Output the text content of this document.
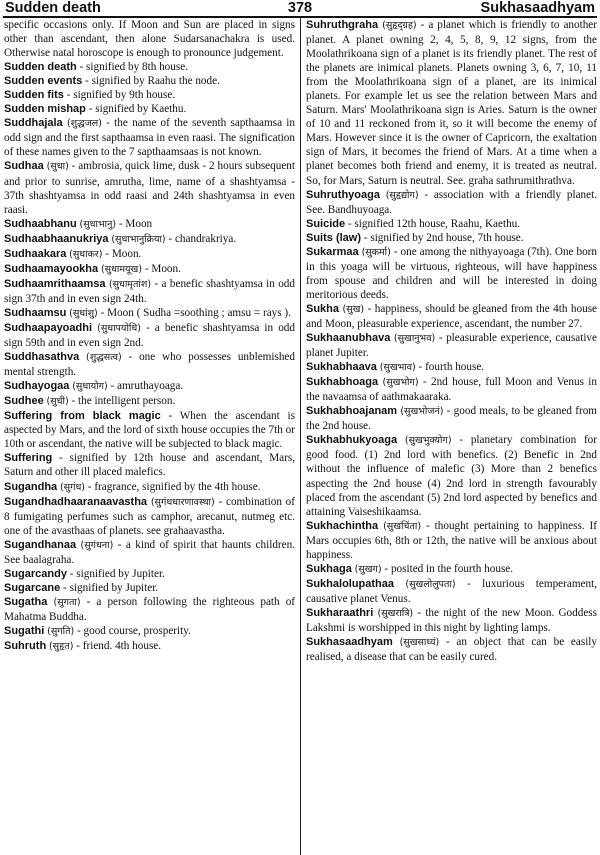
Sudden death	378	Sukhasaadhyam

specific occasions only. If Moon and Sun are placed in signs other than ascendant, then alone Sudarsanachakra is used. Otherwise natal horoscope is enough to pronounce judgement.

Sudden death - signified by 8th house.

Sudden events - signified by Raahu the node.

Sudden fits - signified by 9th house.

Sudden mishap - signified by Kaethu.

Suddhajala (शुद्धजल) - the name of the seventh sapthaamsa in odd sign and the first sapthaamsa in even raasi. The signification of these names given to the 7 sapthaamsaas is not known.

Sudhaa (सुधा) - ambrosia, quick lime, dusk - 2 hours subsequent and prior to sunrise, amrutha, lime, name of a shashtyamsa - 37th shashtyamsa in odd raasi and 24th shashtyamsa in even raasi.

Sudhaabhanu (सुधाभानु) - Moon

Sudhaabhaanukriya (सुधाभानुक्रिया) - chandrakriya.

Sudhaakara (सुधाकर) - Moon.

Sudhaamayookha (सुधामयूख) - Moon.

Sudhaamrithaamsa (सुधामृतांश) - a benefic shashtyamsa in odd sign 37th and in even sign 24th.

Sudhaamsu (सुधांशु) - Moon ( Sudha =soothing ; amsu = rays ).

Sudhaapayoadhi (सुधापयोधि) - a benefic shashtyamsa in odd sign 59th and in even sign 2nd.

Suddhasathva (शुद्धसत्व) - one who possesses unblemished mental strength.

Sudhayogaa (सुधायोग) - amruthayoaga.

Sudhee (सुधी) - the intelligent person.

Suffering from black magic - When the ascendant is aspected by Mars, and the lord of sixth house occupies the 7th or 10th or ascendant, the native will be subjected to black magic.

Suffering - signified by 12th house and ascendant, Mars, Saturn and other ill placed malefics.

Sugandha (सुगंध) - fragrance, signified by the 4th house.

Sugandhadhaaranaavastha (सुगंधधारणावस्था) - combination of 8 fumigating perfumes such as camphor, arecanut, nutmeg etc. one of the avasthaas of planets. see grahaavastha.

Sugandhanaa (सुगंधना) - a kind of spirit that haunts children. See baalagraha.

Sugarcandy - signified by Jupiter.

Sugarcane - signified by Jupiter.

Sugatha (सुगता) - a person following the righteous path of Mahatma Buddha.

Sugathi (सुगति) - good course, prosperity.

Suhruth (सुहृत) - friend. 4th house.

Suhruthgraha (सुहृद्ग्रह) - a planet which is friendly to another planet. A planet owning 2, 4, 5, 8, 9, 12 signs, from the Moolathrikoana sign of a planet is its friendly planet. The rest of the planets are inimical planets. Planets owning 3, 6, 7, 10, 11 from the Moolathrikoana sign of a planet, are its inimical planets. For example let us see the relation between Mars and Saturn. Mars' Moolathrikoana sign is Aries. Saturn is the owner of 10 and 11 reckoned from it, so it will become the enemy of Mars. However since it is the owner of Capricorn, the exaltation sign of Mars, it becomes the friend of Mars. At a time when a planet becomes both friend and enemy, it is treated as neutral. So, for Mars, Saturn is neutral. See. graha sathrumithrathva.

Suhruthyoaga (सुहृद्योग) - association with a friendly planet. See. Bandhuyoaga.

Suicide - signified 12th house, Raahu, Kaethu.

Suits (law) - signified by 2nd house, 7th house.

Sukarmaa (सुकर्मा) - one among the nithyayoaga (7th). One born in this yoaga will be virtuous, righteous, will have happiness from spouse and children and will be interested in doing meritorious deeds.

Sukha (सुख) - happiness, should be gleaned from the 4th house and Moon, pleasurable experience, ascendant, the number 27.

Sukhaanubhava (सुखानुभव) - pleasurable experience, causative planet Jupiter.

Sukhabhaava (सुखभाव) - fourth house.

Sukhabhoaga (सुखभोग) - 2nd house, full Moon and Venus in the navaamsa of aathmakaaraka.

Sukhabhoajanam (सुखभोजनं) - good meals, to be gleaned from the 2nd house.

Sukhabhukyoaga (सुखभुक्योग) - planetary combination for good food. (1) 2nd lord with benefics. (2) Benefic in 2nd without the influence of malefic (3) More than 2 benefics aspecting the 2nd house (4) 2nd lord in strength favourably placed from the ascendant (5) 2nd lord aspected by benefics and attaining Vaiseshikaamsa.

Sukhachintha (सुखचिंता) - thought pertaining to happiness. If Mars occupies 6th, 8th or 12th, the native will be anxious about happiness.

Sukhaga (सुखग) - posited in the fourth house.

Sukhalolupathaa (सुखलोलुपता) - luxurious temperament, causative planet Venus.

Sukharaathri (सुखरात्रि) - the night of the new Moon. Goddess Lakshmi is worshipped in this night by lighting lamps.

Sukhasaadhyam (सुखसाध्यं) - an object that can be easily realised, a disease that can be easily cured.
